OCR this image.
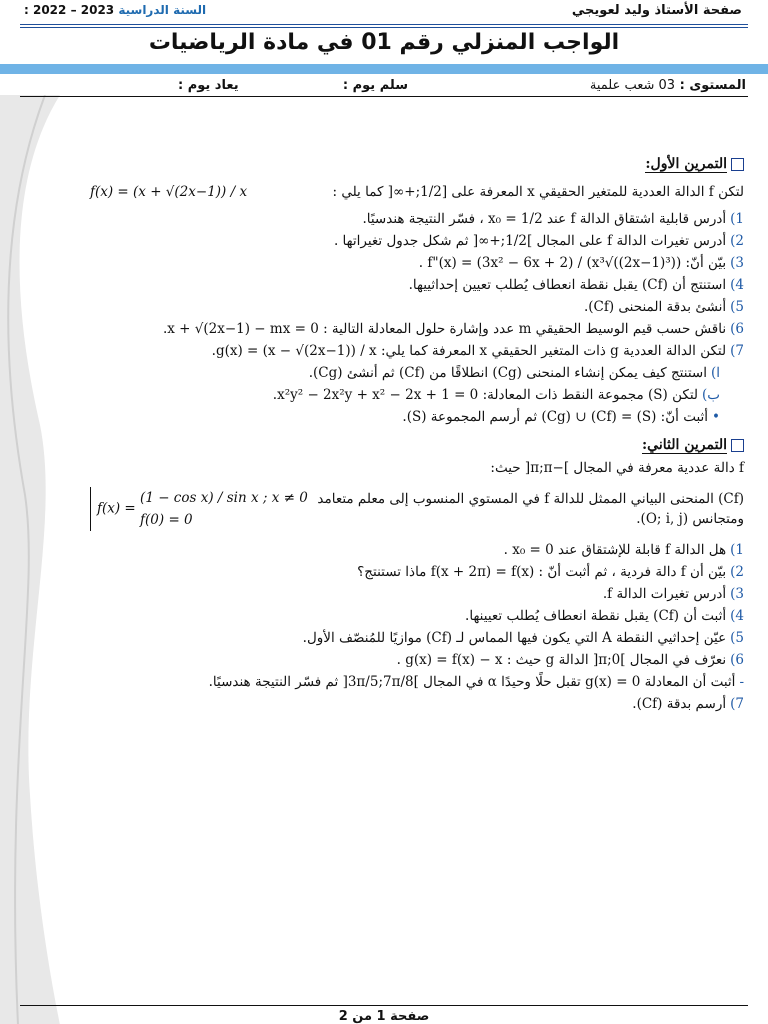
صفحة الأستاذ وليد لعويجي
السنة الدراسية 2023 – 2022 :
الواجب المنزلي رقم 01 في مادة الرياضيات
المستوى : 03 شعب علمية
سلم يوم :
يعاد يوم :
التمرين الأول:
لتكن f الدالة العددية للمتغير الحقيقي x المعرفة على [1/2;+∞[ كما يلي :
f(x) = (x + √(2x−1)) / x
1)أدرس قابلية اشتقاق الدالة f عند x₀ = 1/2 ، فسّر النتيجة هندسيًا.
2)أدرس تغيرات الدالة f على المجال ]1/2;+∞[ ثم شكل جدول تغيراتها .
3)بيّن أنّ: f"(x) = (3x² − 6x + 2) / (x³√((2x−1)³)) .
4)استنتج أن (Cf) يقبل نقطة انعطاف يُطلب تعيين إحداثييها.
5)أنشئ بدقة المنحنى (Cf).
6)ناقش حسب قيم الوسيط الحقيقي m عدد وإشارة حلول المعادلة التالية : x + √(2x−1) − mx = 0.
7)لتكن الدالة العددية g ذات المتغير الحقيقي x المعرفة كما يلي: g(x) = (x − √(2x−1)) / x.
ا)استنتج كيف يمكن إنشاء المنحنى (Cg) انطلاقًا من (Cf) ثم أنشئ (Cg).
ب)لتكن (S) مجموعة النقط ذات المعادلة: x²y² − 2x²y + x² − 2x + 1 = 0.
•أثبت أنّ: (S) = (Cf) ∪ (Cg) ثم أرسم المجموعة (S).
التمرين الثاني:
f دالة عددية معرفة في المجال ]−π;π[ حيث:
(Cf) المنحنى البياني الممثل للدالة f في المستوي المنسوب إلى معلم متعامد ومتجانس (O; i, j).
f(x) =
(1 − cos x) / sin x ; x ≠ 0
f(0) = 0
1)هل الدالة f قابلة للإشتقاق عند x₀ = 0 .
2)بيّن أن f دالة فردية ، ثم أثبت أنّ : f(x + 2π) = f(x) ماذا تستنتج؟
3)أدرس تغيرات الدالة f.
4)أثبت أن (Cf) يقبل نقطة انعطاف يُطلب تعيينها.
5)عيّن إحداثيي النقطة A التي يكون فيها المماس لـ (Cf) موازيًا للمُنصّف الأول.
6)نعرّف في المجال ]0;π[ الدالة g حيث : g(x) = f(x) − x .
-أثبت أن المعادلة g(x) = 0 تقبل حلًا وحيدًا α في المجال ]3π/5;7π/8[ ثم فسّر النتيجة هندسيًا.
7)أرسم بدقة (Cf).
صفحة 1 من 2
